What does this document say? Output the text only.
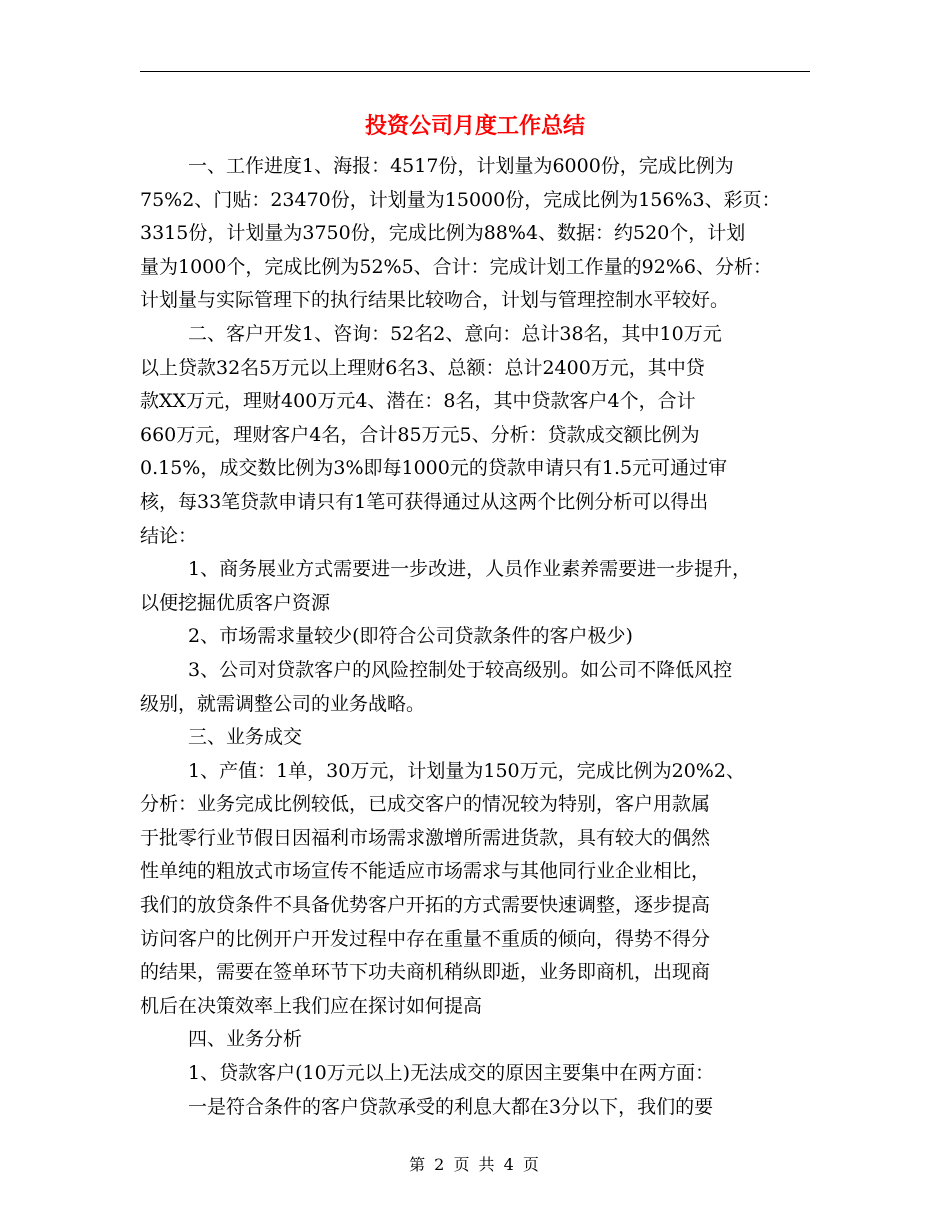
投资公司月度工作总结
一、工作进度1、海报：4517份，计划量为6000份，完成比例为
75%2、门贴：23470份，计划量为15000份，完成比例为156%3、彩页：
3315份，计划量为3750份，完成比例为88%4、数据：约520个，计划
量为1000个，完成比例为52%5、合计：完成计划工作量的92%6、分析：
计划量与实际管理下的执行结果比较吻合，计划与管理控制水平较好。
二、客户开发1、咨询：52名2、意向：总计38名，其中10万元
以上贷款32名5万元以上理财6名3、总额：总计2400万元，其中贷
款XX万元，理财400万元4、潜在：8名，其中贷款客户4个，合计
660万元，理财客户4名，合计85万元5、分析：贷款成交额比例为
0.15%，成交数比例为3%即每1000元的贷款申请只有1.5元可通过审
核，每33笔贷款申请只有1笔可获得通过从这两个比例分析可以得出
结论：
1、商务展业方式需要进一步改进，人员作业素养需要进一步提升，
以便挖掘优质客户资源
2、市场需求量较少(即符合公司贷款条件的客户极少)
3、公司对贷款客户的风险控制处于较高级别。如公司不降低风控
级别，就需调整公司的业务战略。
三、业务成交
1、产值：1单，30万元，计划量为150万元，完成比例为20%2、
分析：业务完成比例较低，已成交客户的情况较为特别，客户用款属
于批零行业节假日因福利市场需求激增所需进货款，具有较大的偶然
性单纯的粗放式市场宣传不能适应市场需求与其他同行业企业相比，
我们的放贷条件不具备优势客户开拓的方式需要快速调整，逐步提高
访问客户的比例开户开发过程中存在重量不重质的倾向，得势不得分
的结果，需要在签单环节下功夫商机稍纵即逝，业务即商机，出现商
机后在决策效率上我们应在探讨如何提高
四、业务分析
1、贷款客户(10万元以上)无法成交的原因主要集中在两方面：
一是符合条件的客户贷款承受的利息大都在3分以下，我们的要
第 2 页 共 4 页
